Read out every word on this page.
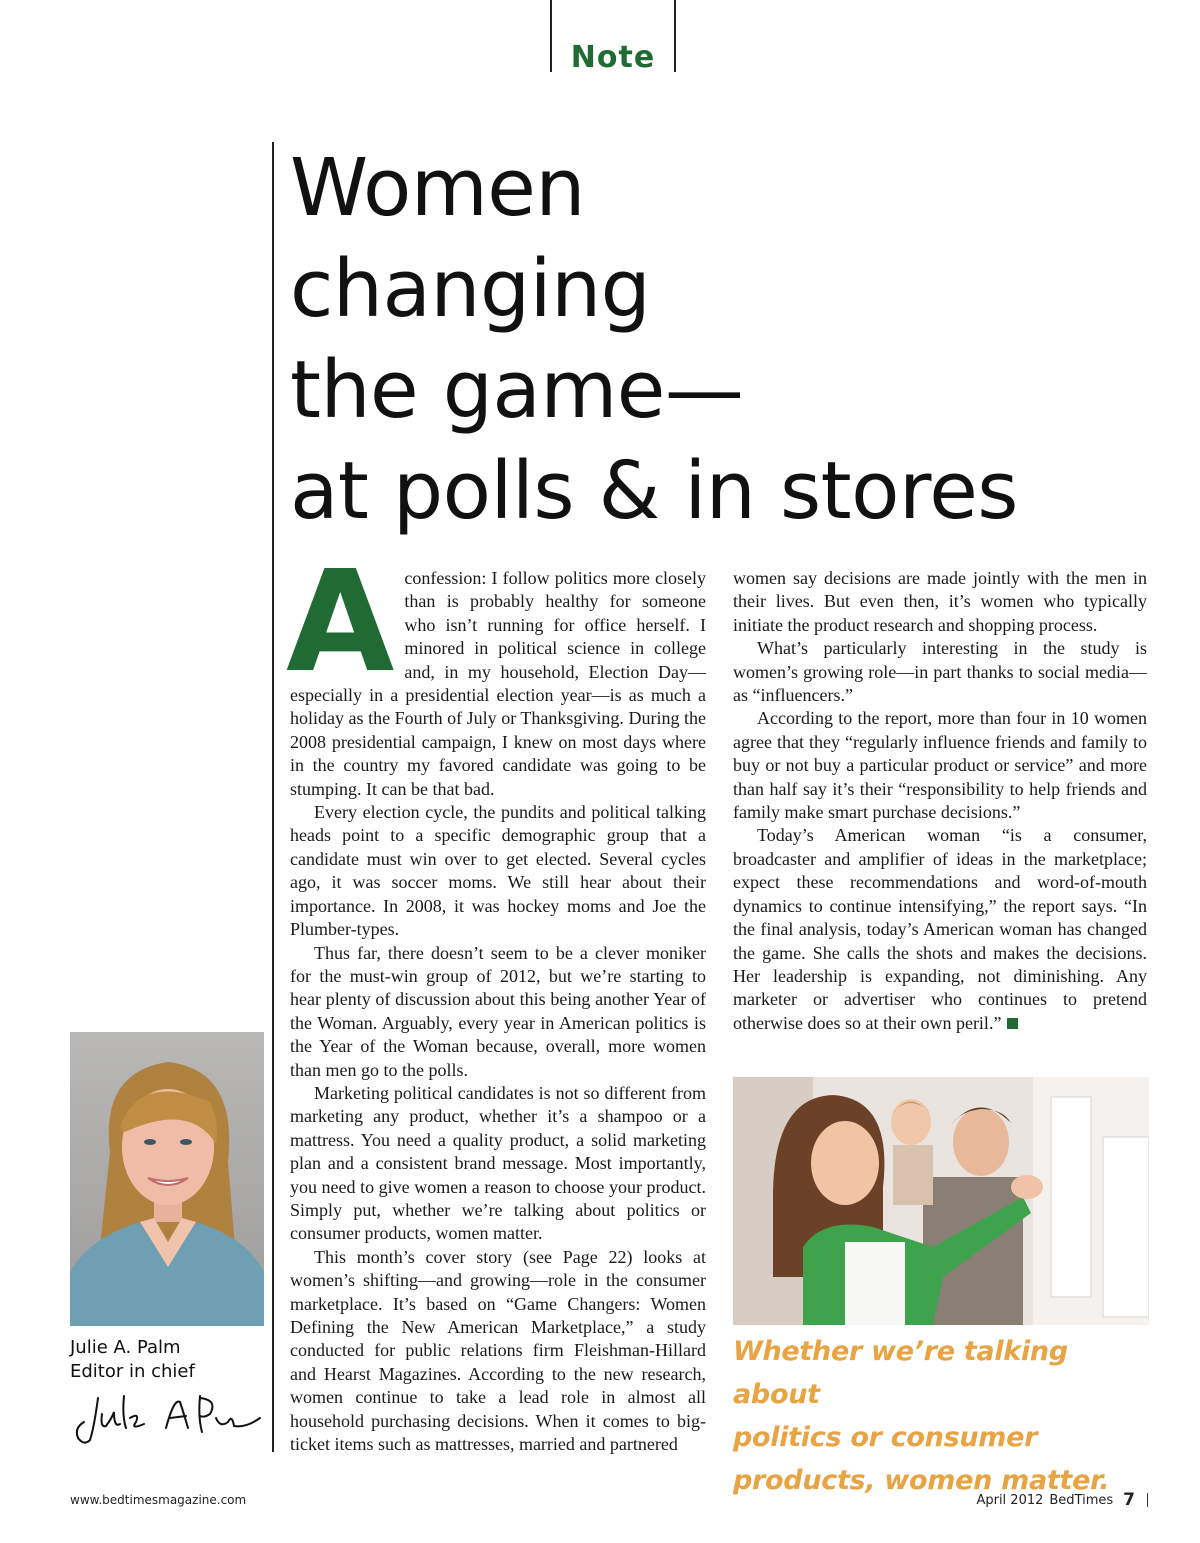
Note
Women
changing
the game—
at polls & in stores
A confession: I follow politics more closely than is probably healthy for someone who isn’t running for office herself. I minored in political science in college and, in my household, Election Day— especially in a presidential election year—is as much a holiday as the Fourth of July or Thanksgiving. During the 2008 presidential campaign, I knew on most days where in the country my favored candidate was going to be stumping. It can be that bad.

Every election cycle, the pundits and political talking heads point to a specific demographic group that a candidate must win over to get elected. Several cycles ago, it was soccer moms. We still hear about their importance. In 2008, it was hockey moms and Joe the Plumber-types.

Thus far, there doesn’t seem to be a clever moniker for the must-win group of 2012, but we’re starting to hear plenty of discussion about this being another Year of the Woman. Arguably, every year in American politics is the Year of the Woman because, overall, more women than men go to the polls.

Marketing political candidates is not so different from marketing any product, whether it’s a shampoo or a mattress. You need a quality product, a solid marketing plan and a consistent brand message. Most importantly, you need to give women a reason to choose your product. Simply put, whether we’re talking about politics or consumer products, women matter.

This month’s cover story (see Page 22) looks at women’s shifting—and growing—role in the consumer marketplace. It’s based on “Game Changers: Women Defining the New American Marketplace,” a study conducted for public relations firm Fleishman-Hillard and Hearst Magazines. According to the new research, women continue to take a lead role in almost all household purchasing decisions. When it comes to big-ticket items such as mattresses, married and partnered

women say decisions are made jointly with the men in their lives. But even then, it’s women who typically initiate the product research and shopping process.

What’s particularly interesting in the study is women’s growing role—in part thanks to social media—as “influencers.”

According to the report, more than four in 10 women agree that they “regularly influence friends and family to buy or not buy a particular product or service” and more than half say it’s their “responsibility to help friends and family make smart purchase decisions.”

Today’s American woman “is a consumer, broadcaster and amplifier of ideas in the marketplace; expect these recommendations and word-of-mouth dynamics to continue intensifying,” the report says. “In the final analysis, today’s American woman has changed the game. She calls the shots and makes the decisions. Her leadership is expanding, not diminishing. Any marketer or advertiser who continues to pretend otherwise does so at their own peril.”

Julie A. Palm
Editor in chief

Whether we’re talking about
politics or consumer
products, women matter.

www.bedtimesmagazine.com	April 2012 BedTimes 7
